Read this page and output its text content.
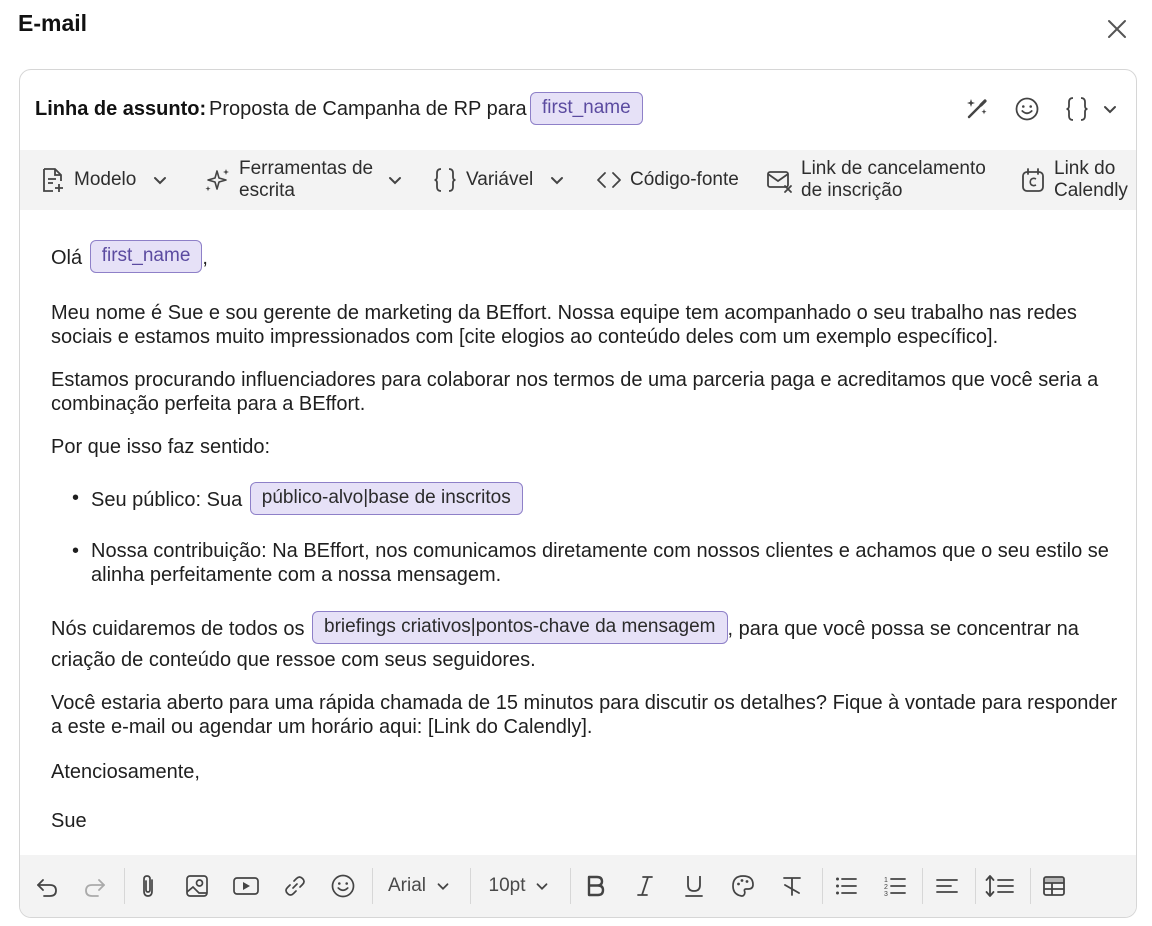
E-mail
Linha de assunto: Proposta de Campanha de RP para first_name
Modelo
Ferramentas de
escrita
Variável	Código-fonte
Link de cancelamento
de inscrição
Link do
Calendly
Olá first_name ,
Meu nome é Sue e sou gerente de marketing da BEffort. Nossa equipe tem acompanhado o seu trabalho nas redes sociais e estamos muito impressionados com [cite elogios ao conteúdo deles com um exemplo específico].
Estamos procurando influenciadores para colaborar nos termos de uma parceria paga e acreditamos que você seria a combinação perfeita para a BEffort.
Por que isso faz sentido:
• Seu público: Sua público-alvo|base de inscritos
• Nossa contribuição: Na BEffort, nos comunicamos diretamente com nossos clientes e achamos que o seu estilo se alinha perfeitamente com a nossa mensagem.
Nós cuidaremos de todos os briefings criativos|pontos-chave da mensagem , para que você possa se concentrar na
criação de conteúdo que ressoe com seus seguidores.
Você estaria aberto para uma rápida chamada de 15 minutos para discutir os detalhes? Fique à vontade para responder a este e-mail ou agendar um horário aqui: [Link do Calendly].
Atenciosamente,
Sue
Arial	10pt	1
2
3
